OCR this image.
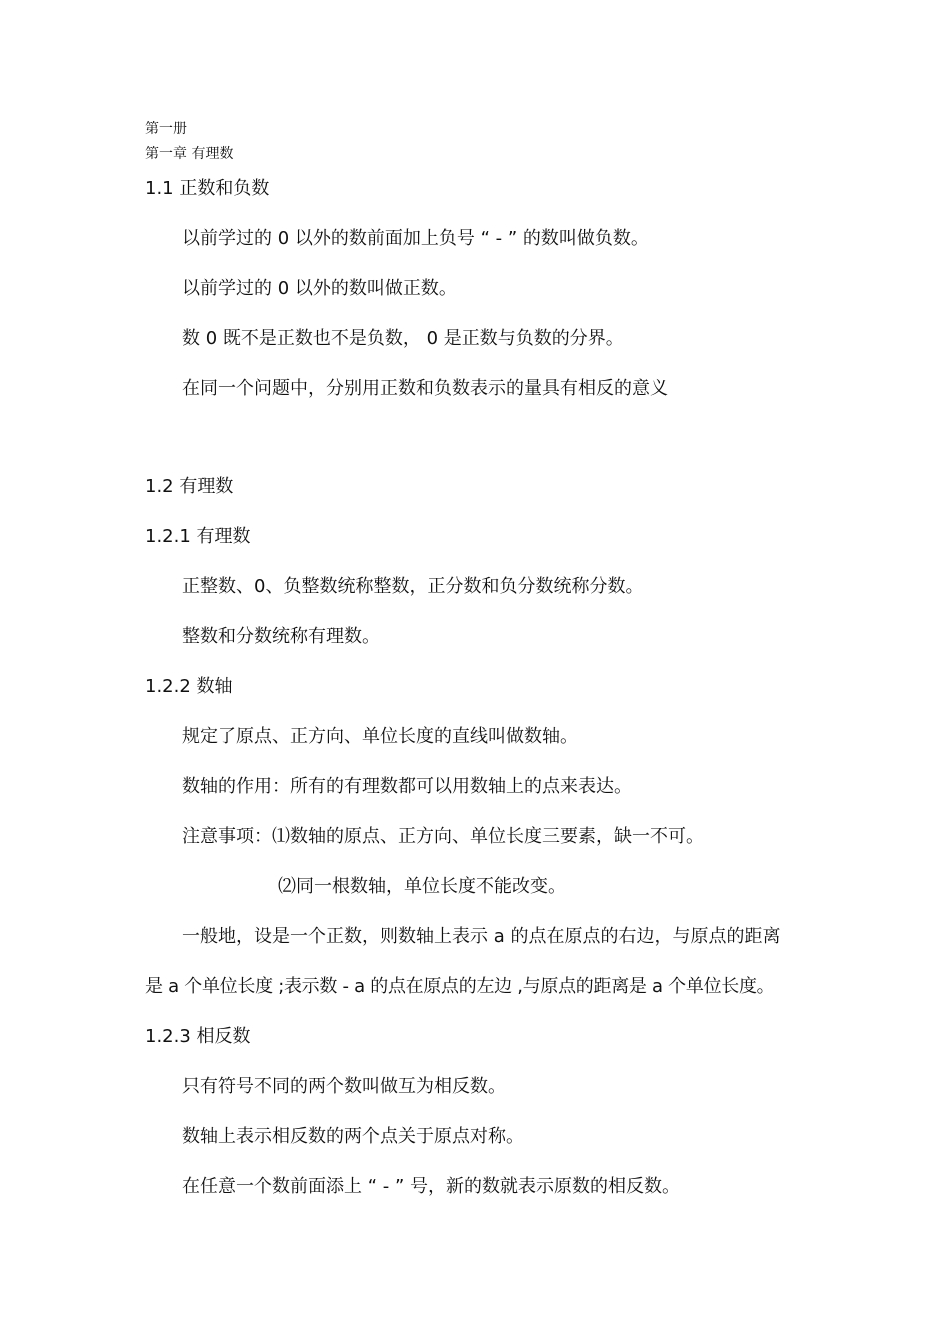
第一册
第一章 有理数
1.1 正数和负数
以前学过的 0 以外的数前面加上负号 “ - ” 的数叫做负数。
以前学过的 0 以外的数叫做正数。
数 0 既不是正数也不是负数， 0 是正数与负数的分界。
在同一个问题中，分别用正数和负数表示的量具有相反的意义
1.2 有理数
1.2.1 有理数
正整数、0、负整数统称整数，正分数和负分数统称分数。
整数和分数统称有理数。
1.2.2 数轴
规定了原点、正方向、单位长度的直线叫做数轴。
数轴的作用：所有的有理数都可以用数轴上的点来表达。
注意事项：⑴数轴的原点、正方向、单位长度三要素，缺一不可。
⑵同一根数轴，单位长度不能改变。
一般地，设是一个正数，则数轴上表示 a 的点在原点的右边，与原点的距离
是 a 个单位长度 ;表示数 - a 的点在原点的左边 ,与原点的距离是 a 个单位长度。
1.2.3 相反数
只有符号不同的两个数叫做互为相反数。
数轴上表示相反数的两个点关于原点对称。
在任意一个数前面添上 “ - ” 号，新的数就表示原数的相反数。
